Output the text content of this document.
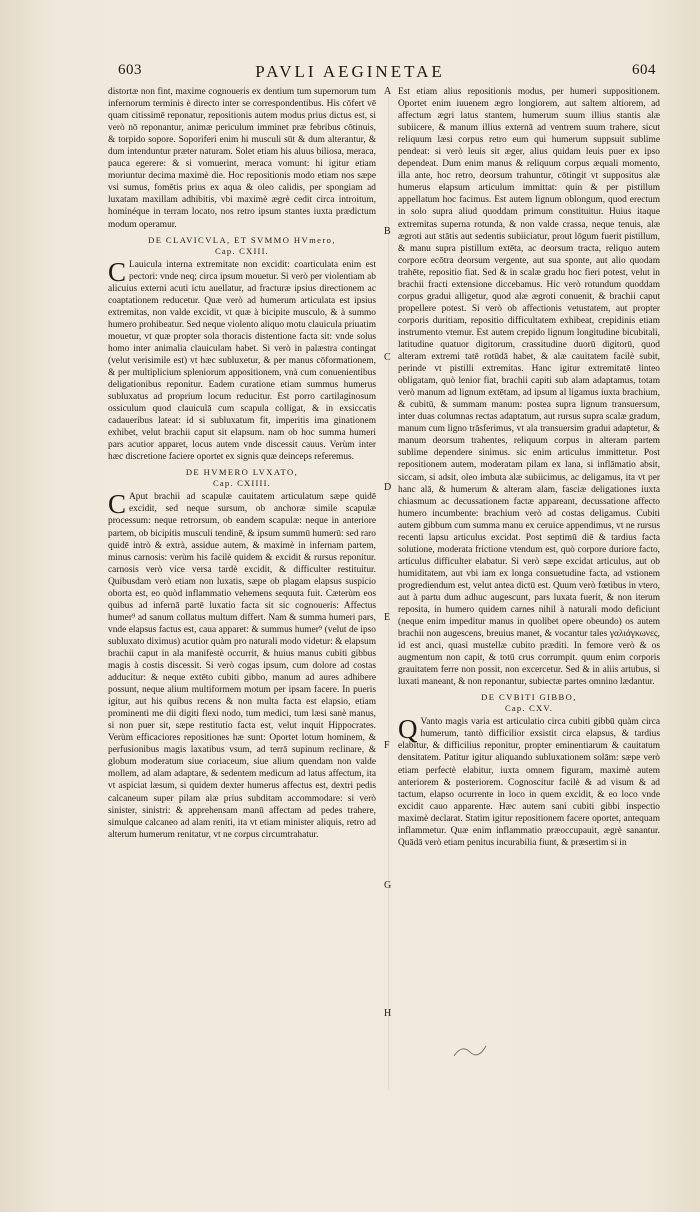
603	PAVLI AEGINETAE	604

distortæ non fint, maxime cognoueris ex dentium tum supernorum tum infernorum terminis è directo inter se correspondentibus. His cōfert vē quam citissimē reponatur, repositionis autem modus prius dictus est, si verò nō reponantur, animæ periculum imminet præ febribus cōtinuis, & torpido sopore. Soporiferi enim hi musculi sūt & dum alterantur, & dum intenduntur præter naturam. Solet etiam his aluus biliosa, meraca, pauca egerere: & si vomuerint, meraca vomunt: hi igitur etiam moriuntur decima maximè die. Hoc repositionis modo etiam nos sæpe vsi sumus, fomētis prius ex aqua & oleo calidis, per spongiam ad luxatam maxillam adhibitis, vbi maximè ægrè cedit circa introitum, hominéque in terram locato, nos retro ipsum stantes iuxta prædictum modum operamur.

DE CLAVICVLA, ET SVMMO HVmero,
Cap. CXIII.

C Lauicula interna extremitate non excidit: coarticulata enim est pectori: vnde neq; circa ipsum mouetur. Si verò per violentiam ab alicuius externi acuti ictu auellatur, ad fracturæ ipsius directionem ac coaptationem reducetur. Quæ verò ad humerum articulata est ipsius extremitas, non valde excidit, vt quæ à bicipite musculo, & à summo humero prohibeatur. Sed neque violento aliquo motu clauicula priuatim mouetur, vt quæ propter sola thoracis distentione facta sit: vnde solus homo inter animalia clauiculam habet. Si verò in palæstra contingat (velut verisimile est) vt hæc subluxetur, & per manus cōformationem, & per multiplicium spleniorum appositionem, vnà cum conuenientibus deligationibus reponitur. Eadem curatione etiam summus humerus subluxatus ad proprium locum reducitur. Est porro cartilaginosum ossiculum quod clauiculā cum scapula colligat, & in exsiccatis cadaueribus lateat: id si subluxatum fit, imperitis ima ginationem exhibet, velut brachii caput sit elapsum. nam ob hoc summa humeri pars acutior apparet, locus autem vnde discessit cauus. Verùm inter hæc discretione faciere oportet ex signis quæ deinceps referemus.

DE HVMERO LVXATO,
Cap. CXIIII.

C Aput brachii ad scapulæ cauitatem articulatum sæpe quidē excidit, sed neque sursum, ob anchoræ simile scapulæ processum: neque retrorsum, ob eandem scapulæ: neque in anteriore partem, ob bicipitis musculi tendinē, & ipsum summū humerū: sed raro quidē intrò & extrà, assidue autem, & maximè in infernam partem, minus carnosis: verùm his facilè quidem & excidit & rursus reponitur. carnosis verò vice versa tardè excidit, & difficulter restituitur. Quibusdam verò etiam non luxatis, sæpe ob plagam elapsus suspicio oborta est, eo quòd inflammatio vehemens sequuta fuit. Cæterùm eos quibus ad infernā partē luxatio facta sit sic cognoueris: Affectus humer⁹ ad sanum collatus multum differt. Nam & summa humeri pars, vnde elapsus factus est, caua apparet: & summus humer⁹ (velut de ipso subluxato diximus) acutior quàm pro naturali modo videtur: & elapsum brachii caput in ala manifestè occurrit, & huius manus cubiti gibbus magis à costis discessit. Si verò cogas ipsum, cum dolore ad costas adducitur: & neque extēto cubiti gibbo, manum ad aures adhibere possunt, neque alium multiformem motum per ipsam facere. In pueris igitur, aut his quibus recens & non multa facta est elapsio, etiam prominenti me dii digiti flexi nodo, tum medici, tum læsi sanè manus, si non puer sit, sæpe restitutio facta est, velut inquit Hippocrates. Verùm efficaciores repositiones hæ sunt: Oportet lotum hominem, & perfusionibus magis laxatibus vsum, ad terrā supinum reclinare, & globum moderatum siue coriaceum, siue alium quendam non valde mollem, ad alam adaptare, & sedentem medicum ad latus affectum, ita vt aspiciat læsum, si quidem dexter humerus affectus est, dextri pedis calcaneum super pilam alæ prius subditam accommodare: si verò sinister, sinistri: & apprehensam manū affectam ad pedes trahere, simulque calcaneo ad alam reniti, ita vt etiam minister aliquis, retro ad alterum humerum renitatur, vt ne corpus circumtrahatur.

A
B
C
D
E
F
G
H

Est etiam alius repositionis modus, per humeri suppositionem. Oportet enim iuuenem ægro longiorem, aut saltem altiorem, ad affectum ægri latus stantem, humerum suum illius stantis alæ subiicere, & manum illius externā ad ventrem suum trahere, sicut reliquum læsi corpus retro eum qui humerum suppsuit sublime pendeat: si verò leuis sit æger, alius quidam leuis puer ex ipso dependeat. Dum enim manus & reliquum corpus æquali momento, illa ante, hoc retro, deorsum trahuntur, cōtingit vt suppositus alæ humerus elapsum articulum immittat: quin & per pistillum appellatum hoc facimus. Est autem lignum oblongum, quod erectum in solo supra aliud quoddam primum constituitur. Huius itaque extremitas superna rotunda, & non valde crassa, neque tenuis, alæ ægroti aut stātis aut sedentis subiiciatur, prout lōgum fuerit pistillum, & manu supra pistillum extēta, ac deorsum tracta, reliquo autem corpore ecōtra deorsum vergente, aut sua sponte, aut alio quodam trahēte, repositio fiat. Sed & in scalæ gradu hoc fieri potest, velut in brachii fracti extensione diccebamus. Hic verò rotundum quoddam corpus gradui alligetur, quod alæ ægroti conuenit, & brachii caput propellere potest. Si verò ob affectionis vetustatem, aut propter corporis duritiam, repositio difficultatem exhibeat, crepidinis etiam instrumento vtemur. Est autem crepido lignum longitudine bicubitali, latitudine quatuor digitorum, crassitudine duorū digitorū, quod alteram extremi tatē rotūdā habet, & alæ cauitatem facilè subit, perinde vt pistilli extremitas. Hanc igitur extremitatē linteo obligatam, quò lenior fiat, brachii capiti sub alam adaptamus, totam verò manum ad lignum extētam, ad ipsum al ligamus iuxta brachium, & cubitū, & summam manum: postea supra lignum transuersum, inter duas columnas rectas adaptatum, aut rursus supra scalæ gradum, manum cum ligno trāsferimus, vt ala transuersim gradui adaptetur, & manum deorsum trahentes, reliquum corpus in alteram partem sublime dependere sinimus. sic enim articulus immittetur. Post repositionem autem, moderatam pilam ex lana, si inflāmatio absit, siccam, si adsit, oleo imbuta alæ subiicimus, ac deligamus, ita vt per hanc alā, & humerum & alteram alam, fasciæ deligationes iuxta chiasmum ac decussationem factæ appareant, decussatione affecto humero incumbente: brachium verò ad costas deligamus. Cubiti autem gibbum cum summa manu ex ceruice appendimus, vt ne rursus recenti lapsu articulus excidat. Post septimū diē & tardius facta solutione, moderata frictione vtendum est, quò corpore duriore facto, articulus difficulter elabatur. Si verò sæpe excidat articulus, aut ob humiditatem, aut vbi iam ex longa consuetudine facta, ad vstionem progrediendum est, velut antea dictū est. Quum verò fœtibus in vtero, aut à partu dum adhuc augescunt, pars luxata fuerit, & non iterum reposita, in humero quidem carnes nihil à naturali modo deficiunt (neque enim impeditur manus in quolibet opere obeundo) os autem brachii non augescens, breuius manet, & vocantur tales γαλιάγκωνες, id est anci, quasi mustellæ cubito præditi. In femore verò & os augmentum non capit, & totū crus corrumpit. quum enim corporis grauitatem ferre non possit, non excercetur. Sed & in aliis artubus, si luxati maneant, & non reponantur, subiectæ partes omnino lædantur.

DE CVBITI GIBBO,
Cap. CXV.

Q Vanto magis varia est articulatio circa cubiti gibbū quàm circa humerum, tantò difficilior exsistit circa elapsus, & tardius elabitur, & difficilius reponitur, propter eminentiarum & cauitatum densitatem. Patitur igitur aliquando subluxationem solām: sæpe verò etiam perfectè elabitur, iuxta omnem figuram, maximè autem anteriorem & posteriorem. Cognoscitur facilè & ad visum & ad tactum, elapso ocurrente in loco in quem excidit, & eo loco vnde excidit cauo apparente. Hæc autem sani cubiti gibbi inspectio maximè declarat. Statim igitur repositionem facere oportet, antequam inflammetur. Quæ enim inflammatio præoccupauit, ægrè sanantur. Quādā verò etiam penitus incurabilia fiunt, & præsertim si in
